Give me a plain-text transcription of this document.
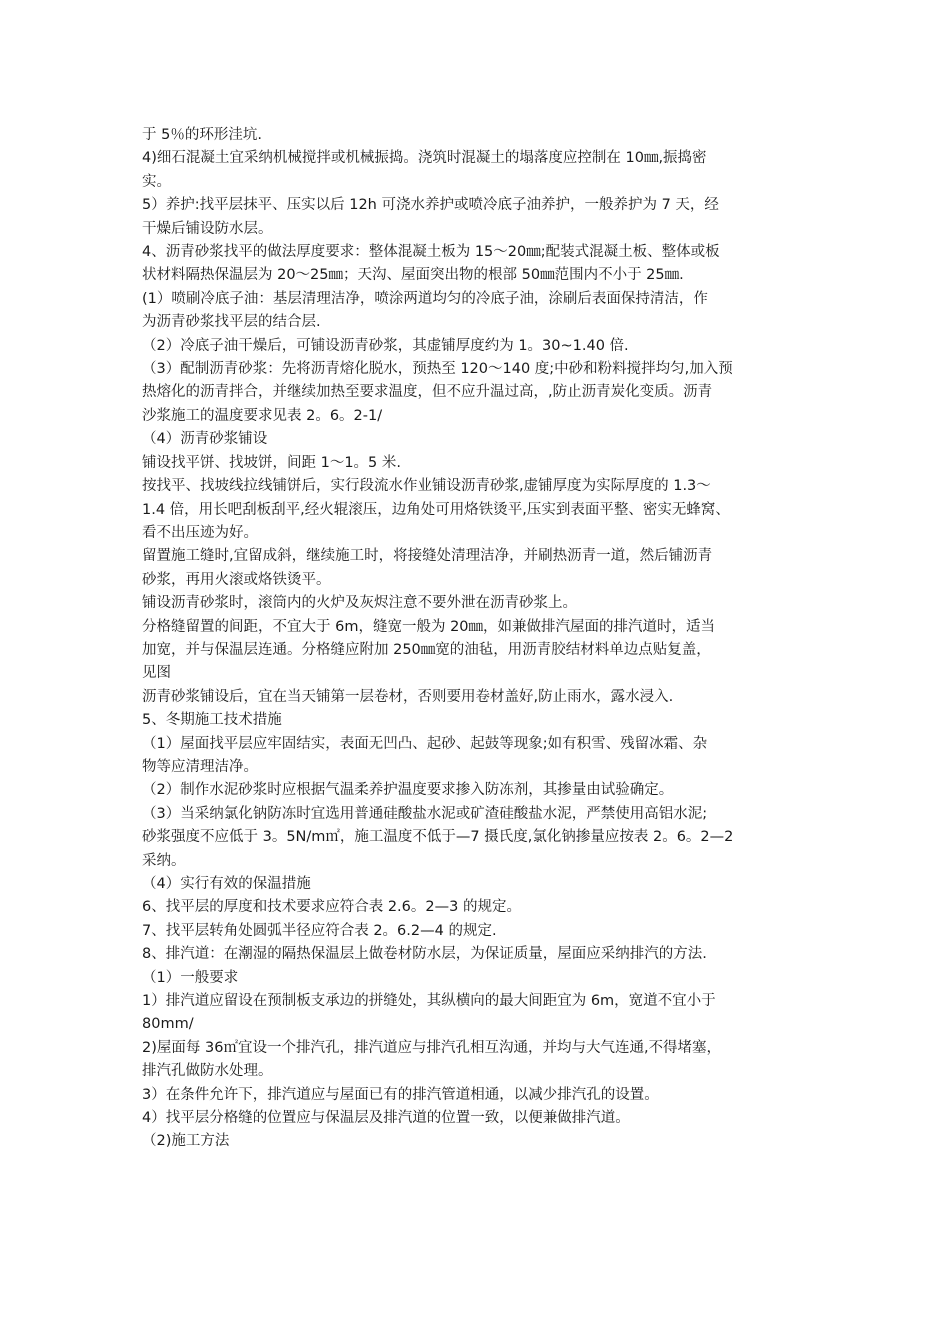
于 5％的环形洼坑.

4)细石混凝土宜采纳机械搅拌或机械振捣。浇筑时混凝土的塌落度应控制在 10㎜,振捣密

实。

5）养护:找平层抹平、压实以后 12h 可浇水养护或喷冷底子油养护，一般养护为 7 天，经

干燥后铺设防水层。

4、沥青砂浆找平的做法厚度要求：整体混凝土板为 15～20㎜;配装式混凝土板、整体或板

状材料隔热保温层为 20～25㎜；天沟、屋面突出物的根部 50㎜范围内不小于 25㎜.

(1）喷刷冷底子油：基层清理洁净，喷涂两道均匀的冷底子油，涂刷后表面保持清洁，作

为沥青砂浆找平层的结合层.

（2）冷底子油干燥后，可铺设沥青砂浆，其虚铺厚度约为 1。30~1.40 倍.

（3）配制沥青砂浆：先将沥青熔化脱水，预热至 120～140 度;中砂和粉料搅拌均匀,加入预

热熔化的沥青拌合，并继续加热至要求温度，但不应升温过高，,防止沥青炭化变质。沥青

沙浆施工的温度要求见表 2。6。2-1/

（4）沥青砂浆铺设

铺设找平饼、找坡饼，间距 1～1。5 米.

按找平、找坡线拉线铺饼后，实行段流水作业铺设沥青砂浆,虚铺厚度为实际厚度的 1.3～

1.4 倍，用长吧刮板刮平,经火辊滚压，边角处可用烙铁烫平,压实到表面平整、密实无蜂窝、

看不出压迹为好。

留置施工缝时,宜留成斜，继续施工时，将接缝处清理洁净，并刷热沥青一道，然后铺沥青

砂浆，再用火滚或烙铁烫平。

铺设沥青砂浆时，滚筒内的火炉及灰烬注意不要外泄在沥青砂浆上。

分格缝留置的间距，不宜大于 6m，缝宽一般为 20㎜，如兼做排汽屋面的排汽道时，适当

加宽，并与保温层连通。分格缝应附加 250㎜宽的油毡，用沥青胶结材料单边点贴复盖，

见图

沥青砂浆铺设后，宜在当天铺第一层卷材，否则要用卷材盖好,防止雨水，露水浸入.

5、冬期施工技术措施

（1）屋面找平层应牢固结实，表面无凹凸、起砂、起鼓等现象;如有积雪、残留冰霜、杂

物等应清理洁净。

（2）制作水泥砂浆时应根据气温柔养护温度要求掺入防冻剂，其掺量由试验确定。

（3）当采纳氯化钠防冻时宜选用普通硅酸盐水泥或矿渣硅酸盐水泥，严禁使用高铝水泥;

砂浆强度不应低于 3。5N/m㎡，施工温度不低于—7 摄氏度,氯化钠掺量应按表 2。6。2—2

采纳。

（4）实行有效的保温措施

6、找平层的厚度和技术要求应符合表 2.6。2—3 的规定。

7、找平层转角处圆弧半径应符合表 2。6.2—4 的规定.

8、排汽道：在潮湿的隔热保温层上做卷材防水层，为保证质量，屋面应采纳排汽的方法.

（1）一般要求

1）排汽道应留设在预制板支承边的拼缝处，其纵横向的最大间距宜为 6m，宽道不宜小于

80mm/

2)屋面每 36㎡宜设一个排汽孔，排汽道应与排汽孔相互沟通，并均与大气连通,不得堵塞，

排汽孔做防水处理。

3）在条件允许下，排汽道应与屋面已有的排汽管道相通，以减少排汽孔的设置。

4）找平层分格缝的位置应与保温层及排汽道的位置一致，以便兼做排汽道。

（2)施工方法
